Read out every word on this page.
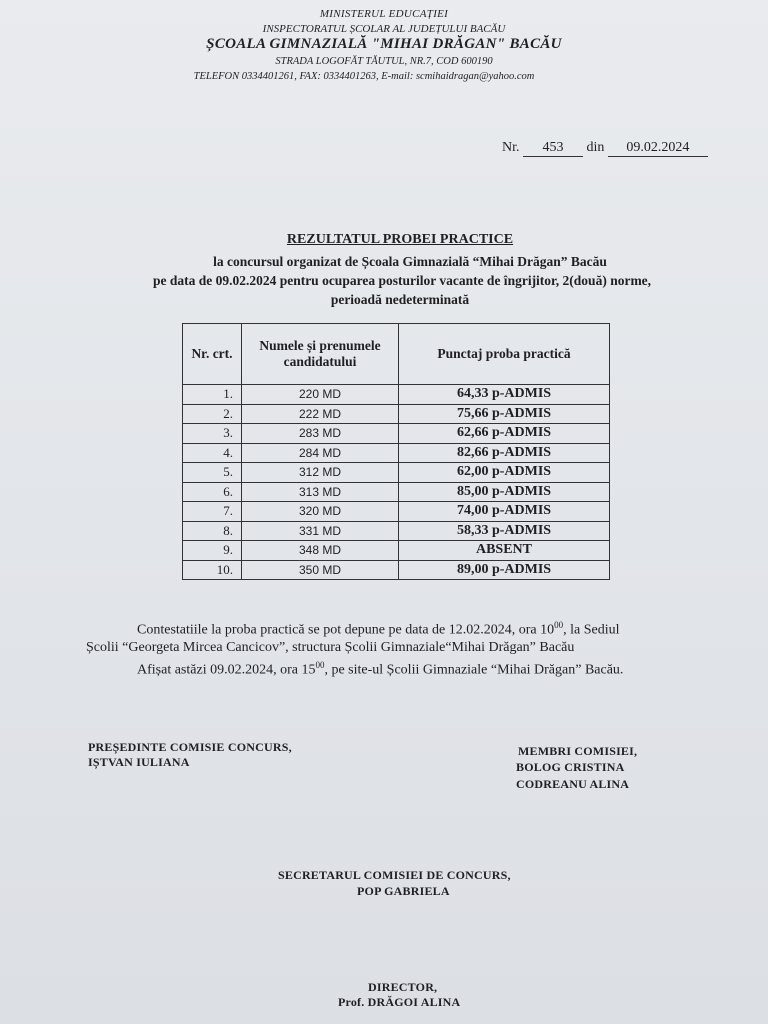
MINISTERUL EDUCAȚIEI
INSPECTORATUL ȘCOLAR AL JUDEȚULUI BACĂU
ȘCOALA GIMNAZIALĂ "MIHAI DRĂGAN" BACĂU
STRADA LOGOFĂT TĂUTUL, NR.7, COD 600190
TELEFON 0334401261, FAX: 0334401263, E-mail: scmihaidragan@yahoo.com
Nr. 453 din 09.02.2024
REZULTATUL PROBEI PRACTICE
la concursul organizat de Școala Gimnazială “Mihai Drăgan” Bacău
pe data de 09.02.2024 pentru ocuparea posturilor vacante de îngrijitor, 2(două) norme,
perioadă nedeterminată
Nr. crt.	Numele și prenumele candidatului	Punctaj proba practică
1.	220 MD	64,33 p-ADMIS
2.	222 MD	75,66 p-ADMIS
3.	283 MD	62,66 p-ADMIS
4.	284 MD	82,66 p-ADMIS
5.	312 MD	62,00 p-ADMIS
6.	313 MD	85,00 p-ADMIS
7.	320 MD	74,00 p-ADMIS
8.	331 MD	58,33 p-ADMIS
9.	348 MD	ABSENT
10.	350 MD	89,00 p-ADMIS
Contestatiile la proba practică se pot depune pe data de 12.02.2024, ora $10^{00}$, la Sediul
Școlii “Georgeta Mircea Cancicov”, structura Școlii Gimnaziale“Mihai Drăgan” Bacău
Afișat astăzi 09.02.2024, ora $15^{00}$, pe site-ul Școlii Gimnaziale “Mihai Drăgan” Bacău.
PREȘEDINTE COMISIE CONCURS,
IȘTVAN IULIANA
MEMBRI COMISIEI,
BOLOG CRISTINA
CODREANU ALINA
SECRETARUL COMISIEI DE CONCURS,
POP GABRIELA
DIRECTOR,
Prof. DRĂGOI ALINA
